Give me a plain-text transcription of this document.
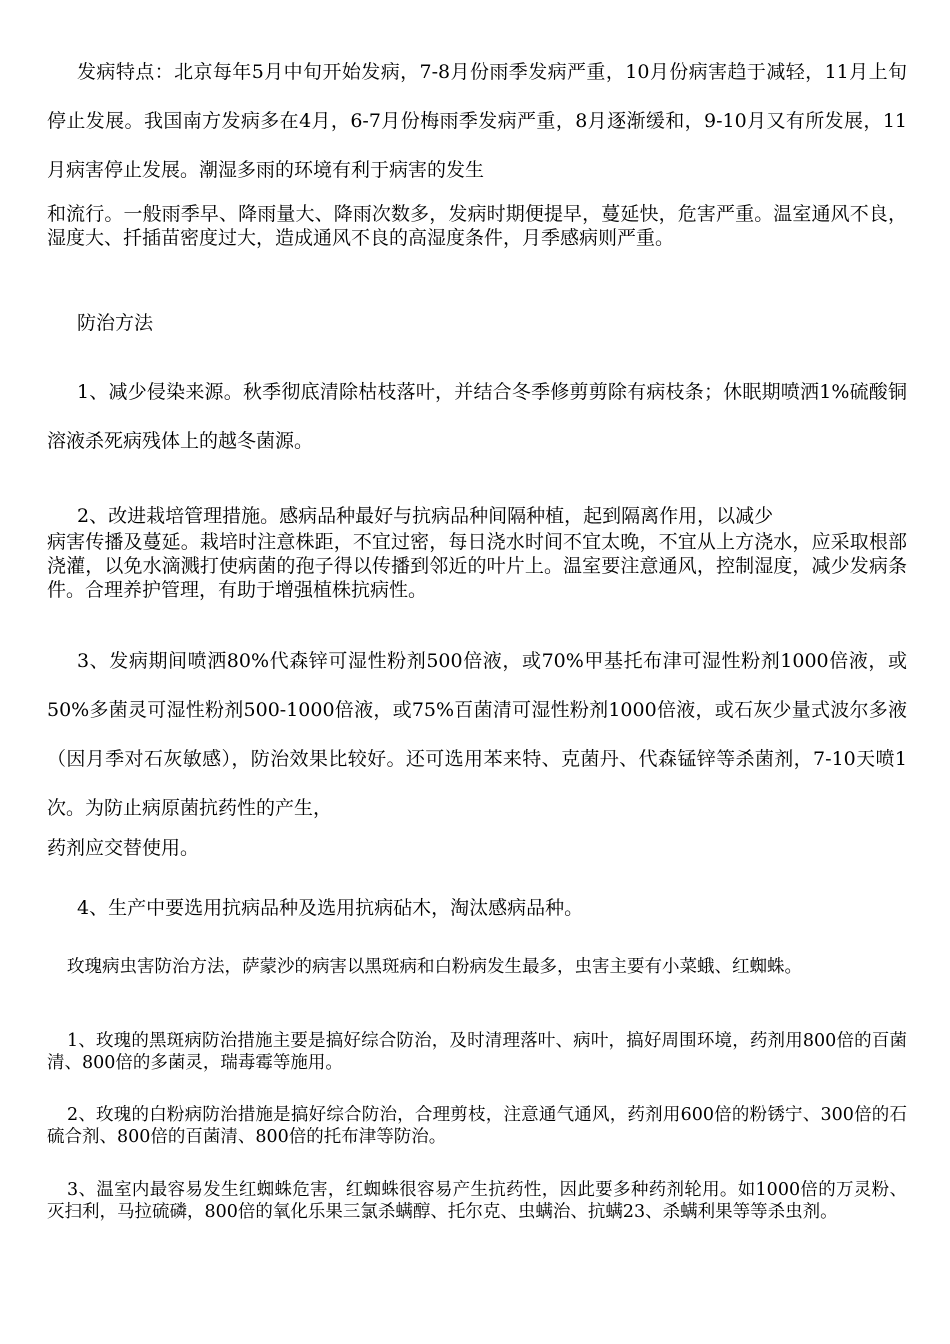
发病特点：北京每年5月中旬开始发病，7-8月份雨季发病严重，10月份病害趋于减轻，11月上旬停止发展。我国南方发病多在4月，6-7月份梅雨季发病严重，8月逐渐缓和，9-10月又有所发展，11月病害停止发展。潮湿多雨的环境有利于病害的发生

和流行。一般雨季早、降雨量大、降雨次数多，发病时期便提早，蔓延快，危害严重。温室通风不良，湿度大、扦插苗密度过大，造成通风不良的高湿度条件，月季感病则严重。

防治方法

1、减少侵染来源。秋季彻底清除枯枝落叶，并结合冬季修剪剪除有病枝条；休眠期喷洒1%硫酸铜溶液杀死病残体上的越冬菌源。

2、改进栽培管理措施。感病品种最好与抗病品种间隔种植，起到隔离作用，以减少

病害传播及蔓延。栽培时注意株距，不宜过密，每日浇水时间不宜太晚，不宜从上方浇水，应采取根部浇灌，以免水滴溅打使病菌的孢子得以传播到邻近的叶片上。温室要注意通风，控制湿度，减少发病条件。合理养护管理，有助于增强植株抗病性。

3、发病期间喷洒80%代森锌可湿性粉剂500倍液，或70%甲基托布津可湿性粉剂1000倍液，或50%多菌灵可湿性粉剂500-1000倍液，或75%百菌清可湿性粉剂1000倍液，或石灰少量式波尔多液（因月季对石灰敏感），防治效果比较好。还可选用苯来特、克菌丹、代森锰锌等杀菌剂，7-10天喷1次。为防止病原菌抗药性的产生，

药剂应交替使用。

4、生产中要选用抗病品种及选用抗病砧木，淘汰感病品种。

玫瑰病虫害防治方法，萨蒙沙的病害以黑斑病和白粉病发生最多，虫害主要有小菜蛾、红蜘蛛。

1、玫瑰的黑斑病防治措施主要是搞好综合防治，及时清理落叶、病叶，搞好周围环境，药剂用800倍的百菌清、800倍的多菌灵，瑞毒霉等施用。

2、玫瑰的白粉病防治措施是搞好综合防治，合理剪枝，注意通气通风，药剂用600倍的粉锈宁、300倍的石硫合剂、800倍的百菌清、800倍的托布津等防治。

3、温室内最容易发生红蜘蛛危害，红蜘蛛很容易产生抗药性，因此要多种药剂轮用。如1000倍的万灵粉、灭扫利，马拉硫磷，800倍的氧化乐果三氯杀螨醇、托尔克、虫螨治、抗螨23、杀螨利果等等杀虫剂。
